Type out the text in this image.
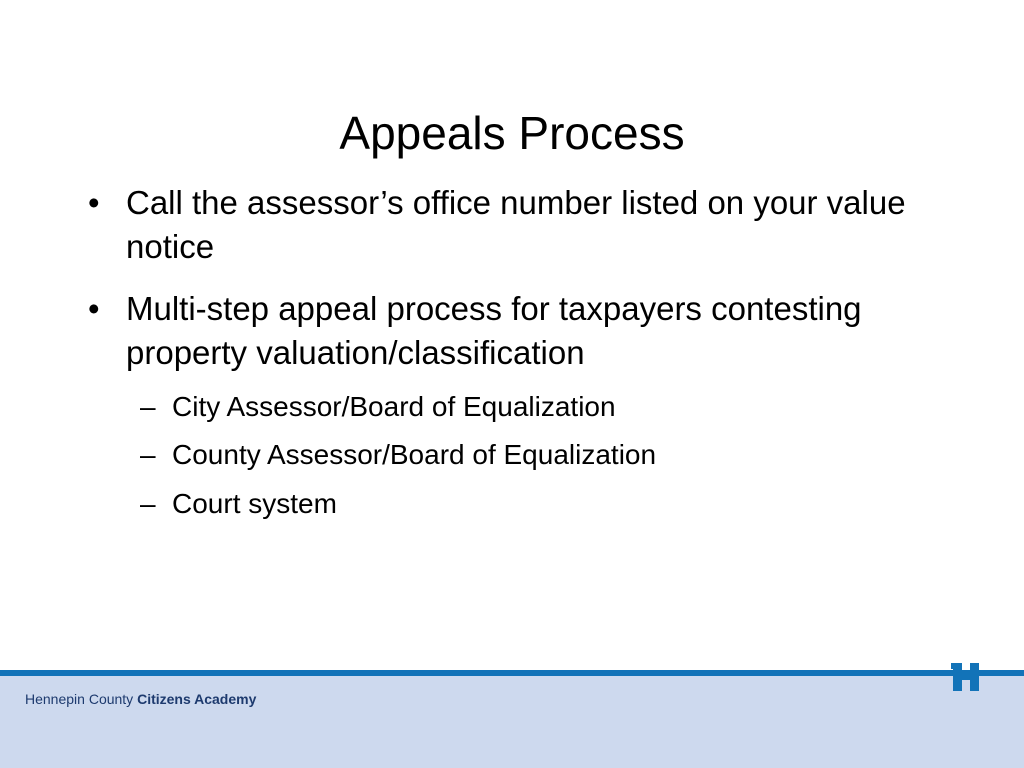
Appeals Process
• Call the assessor’s office number listed on your value notice
• Multi-step appeal process for taxpayers contesting property valuation/classification
– City Assessor/Board of Equalization
– County Assessor/Board of Equalization
– Court system
Hennepin County Citizens Academy
